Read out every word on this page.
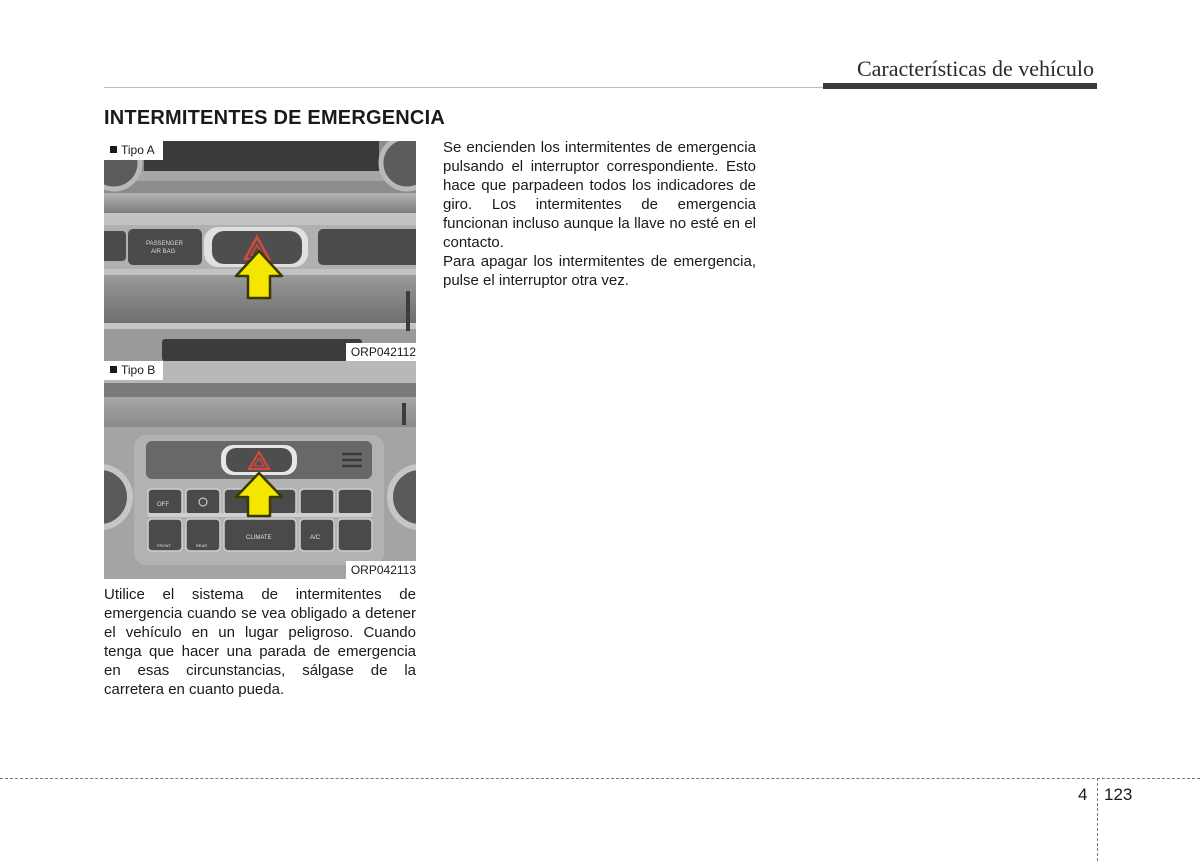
Características de vehículo
INTERMITENTES DE EMERGENCIA
PASSENGER
AIR BAG
Tipo A
ORP042112
OFF
FRONT	REAR
CLIMATE	A/C
Tipo B
ORP042113

Utilice el sistema de intermitentes de emergencia cuando se vea obligado a detener el vehículo en un lugar peligroso. Cuando tenga que hacer una parada de emergencia en esas circunstancias, sálgase de la carretera en cuanto pueda.

Se encienden los intermitentes de emergencia pulsando el interruptor correspondiente. Esto hace que parpadeen todos los indicadores de giro. Los intermitentes de emergencia funcionan incluso aunque la llave no esté en el contacto.

Para apagar los intermitentes de emergencia, pulse el interruptor otra vez.

4 123
